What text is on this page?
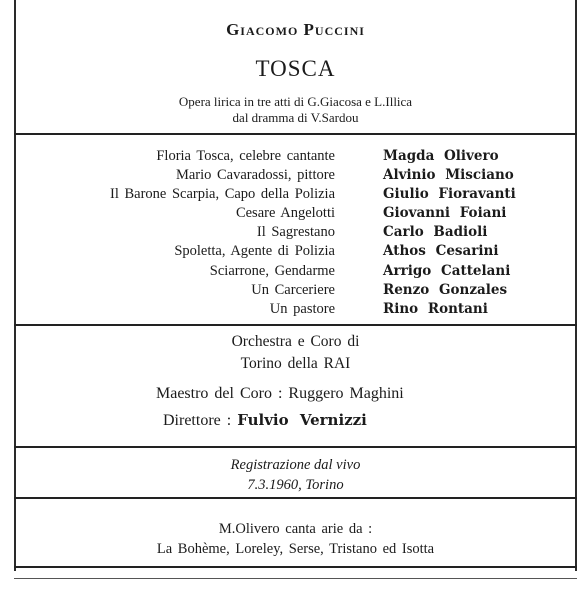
Giacomo Puccini
TOSCA
Opera lirica in tre atti di G.Giacosa e L.Illica
dal dramma di V.Sardou
Floria Tosca, celebre cantante	Magda Olivero
Mario Cavaradossi, pittore	Alvinio Misciano
Il Barone Scarpia, Capo della Polizia	Giulio Fioravanti
Cesare Angelotti	Giovanni Foiani
Il Sagrestano	Carlo Badioli
Spoletta, Agente di Polizia	Athos Cesarini
Sciarrone, Gendarme	Arrigo Cattelani
Un Carceriere	Renzo Gonzales
Un pastore	Rino Rontani
Orchestra e Coro di
Torino della RAI
Maestro del Coro : Ruggero Maghini
Direttore : Fulvio Vernizzi
Registrazione dal vivo
7.3.1960, Torino
M.Olivero canta arie da :
La Bohème, Loreley, Serse, Tristano ed Isotta
